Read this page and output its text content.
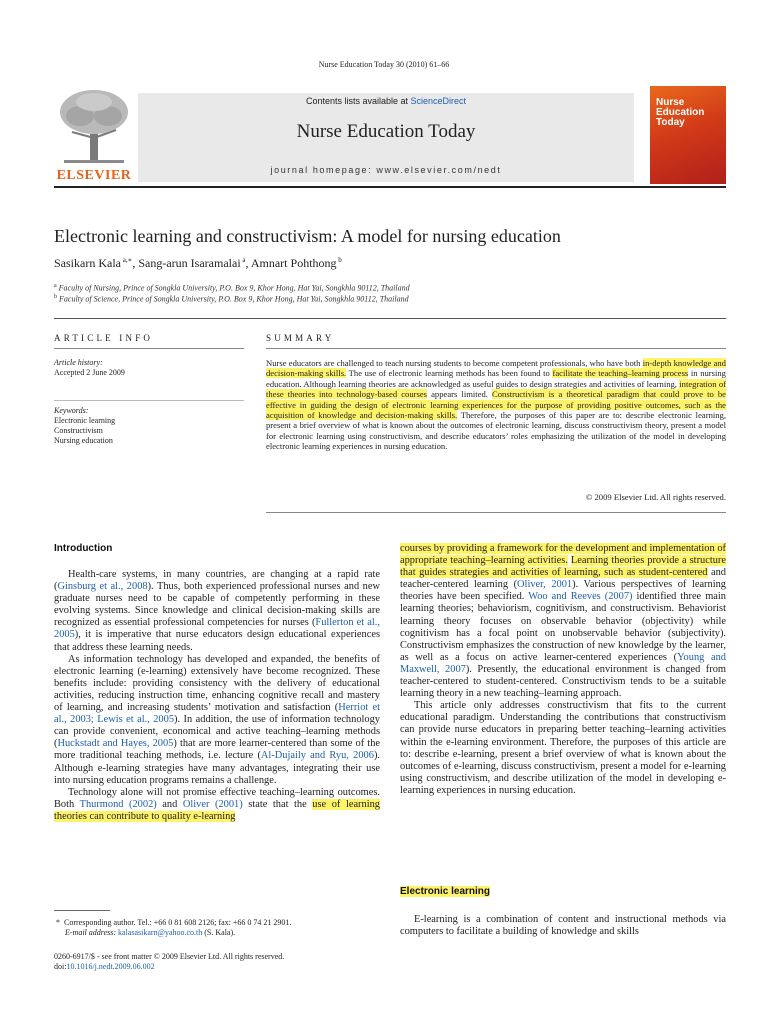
Nurse Education Today 30 (2010) 61–66
ELSEVIER
Contents lists available at ScienceDirect
Nurse Education Today
journal homepage: www.elsevier.com/nedt
Nurse Education Today
Electronic learning and constructivism: A model for nursing education
Sasikarn Kala $^{a,∗}$, Sang-arun Isaramalai $^a$, Amnart Pohthong $^b$
$^a$ Faculty of Nursing, Prince of Songkla University, P.O. Box 9, Khor Hong, Hat Yai, Songkhla 90112, Thailand
$^b$ Faculty of Science, Prince of Songkla University, P.O. Box 9, Khor Hong, Hat Yai, Songkhla 90112, Thailand
ARTICLE INFO
Article history:
Accepted 2 June 2009
Keywords:
Electronic learning
Constructivism
Nursing education
SUMMARY
Nurse educators are challenged to teach nursing students to become competent professionals, who have both in-depth knowledge and decision-making skills. The use of electronic learning methods has been found to facilitate the teaching–learning process in nursing education. Although learning theories are acknowledged as useful guides to design strategies and activities of learning, integration of these theories into technology-based courses appears limited. Constructivism is a theoretical paradigm that could prove to be effective in guiding the design of electronic learning experiences for the purpose of providing positive outcomes, such as the acquisition of knowledge and decision-making skills. Therefore, the purposes of this paper are to: describe electronic learning, present a brief overview of what is known about the outcomes of electronic learning, discuss constructivism theory, present a model for electronic learning using constructivism, and describe educators’ roles emphasizing the utilization of the model in developing electronic learning experiences in nursing education.
© 2009 Elsevier Ltd. All rights reserved.
Introduction

Health-care systems, in many countries, are changing at a rapid rate (Ginsburg et al., 2008). Thus, both experienced professional nurses and new graduate nurses need to be capable of competently performing in these evolving systems. Since knowledge and clinical decision-making skills are recognized as essential professional competencies for nurses (Fullerton et al., 2005), it is imperative that nurse educators design educational experiences that address these learning needs.

As information technology has developed and expanded, the benefits of electronic learning (e-learning) extensively have become recognized. These benefits include: providing consistency with the delivery of educational activities, reducing instruction time, enhancing cognitive recall and mastery of learning, and increasing students’ motivation and satisfaction (Herriot et al., 2003; Lewis et al., 2005). In addition, the use of information technology can provide convenient, economical and active teaching–learning methods (Huckstadt and Hayes, 2005) that are more learner-centered than some of the more traditional teaching methods, i.e. lecture (Al-Dujaily and Ryu, 2006). Although e-learning strategies have many advantages, integrating their use into nursing education programs remains a challenge.

Technology alone will not promise effective teaching–learning outcomes. Both Thurmond (2002) and Oliver (2001) state that the use of learning theories can contribute to quality e-learning

courses by providing a framework for the development and implementation of appropriate teaching–learning activities. Learning theories provide a structure that guides strategies and activities of learning, such as student-centered and teacher-centered learning (Oliver, 2001). Various perspectives of learning theories have been specified. Woo and Reeves (2007) identified three main learning theories; behaviorism, cognitivism, and constructivism. Behaviorist learning theory focuses on observable behavior (objectivity) while cognitivism has a focal point on unobservable behavior (subjectivity). Constructivism emphasizes the construction of new knowledge by the learner, as well as a focus on active learner-centered experiences (Young and Maxwell, 2007). Presently, the educational environment is changed from teacher-centered to student-centered. Constructivism tends to be a suitable learning theory in a new teaching–learning approach.

This article only addresses constructivism that fits to the current educational paradigm. Understanding the contributions that constructivism can provide nurse educators in preparing better teaching–learning activities within the e-learning environment. Therefore, the purposes of this article are to: describe e-learning, present a brief overview of what is known about the outcomes of e-learning, discuss constructivism, present a model for e-learning using constructivism, and describe utilization of the model in developing e-learning experiences in nursing education.

Electronic learning

E-learning is a combination of content and instructional methods via computers to facilitate a building of knowledge and skills

* Corresponding author. Tel.: +66 0 81 608 2126; fax: +66 0 74 21 2901.
E-mail address: kalasasikarn@yahoo.co.th (S. Kala).
0260-6917/$ - see front matter © 2009 Elsevier Ltd. All rights reserved.
doi:10.1016/j.nedt.2009.06.002
